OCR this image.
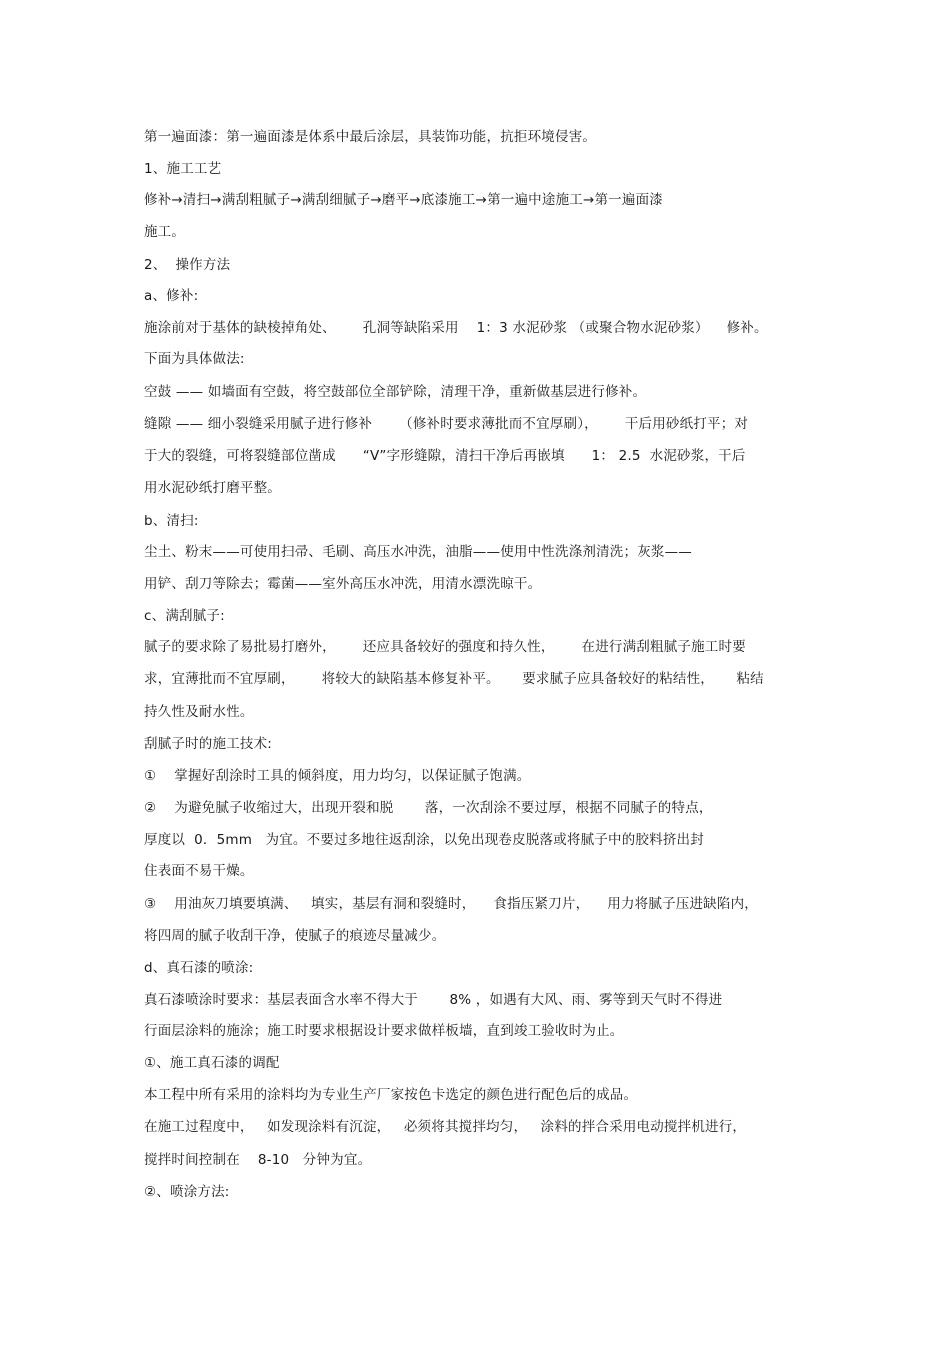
第一遍面漆：第一遍面漆是体系中最后涂层，具装饰功能，抗拒环境侵害。
1、施工工艺
修补→清扫→满刮粗腻子→满刮细腻子→磨平→底漆施工→第一遍中途施工→第一遍面漆
施工。
2、  操作方法
a、修补:
施涂前对于基体的缺棱掉角处、      孔洞等缺陷采用    1：3 水泥砂浆 （或聚合物水泥砂浆）    修补。
下面为具体做法:
空鼓 —— 如墙面有空鼓，将空鼓部位全部铲除，清理干净，重新做基层进行修补。
缝隙 —— 细小裂缝采用腻子进行修补      （修补时要求薄批而不宜厚刷），      干后用砂纸打平；对
于大的裂缝，可将裂缝部位凿成      “V”字形缝隙，清扫干净后再嵌填      1： 2.5  水泥砂浆，干后
用水泥砂纸打磨平整。
b、清扫:
尘土、粉末——可使用扫帚、毛刷、高压水冲洗，油脂——使用中性洗涤剂清洗；灰浆——
用铲、刮刀等除去；霉菌——室外高压水冲洗，用清水漂洗晾干。
c、满刮腻子:
腻子的要求除了易批易打磨外，      还应具备较好的强度和持久性，      在进行满刮粗腻子施工时要
求，宜薄批而不宜厚刷，      将较大的缺陷基本修复补平。     要求腻子应具备较好的粘结性，     粘结
持久性及耐水性。
刮腻子时的施工技术:
①    掌握好刮涂时工具的倾斜度，用力均匀，以保证腻子饱满。
②    为避免腻子收缩过大，出现开裂和脱       落，一次刮涂不要过厚，根据不同腻子的特点，
厚度以  0．5mm   为宜。不要过多地往返刮涂，以免出现卷皮脱落或将腻子中的胶料挤出封
住表面不易干燥。
③    用油灰刀填要填满、   填实，基层有洞和裂缝时，    食指压紧刀片，    用力将腻子压进缺陷内，
将四周的腻子收刮干净，使腻子的痕迹尽量减少。
d、真石漆的喷涂:
真石漆喷涂时要求：基层表面含水率不得大于       8% ，如遇有大风、雨、雾等到天气时不得进
行面层涂料的施涂；施工时要求根据设计要求做样板墙，直到竣工验收时为止。
①、施工真石漆的调配
本工程中所有采用的涂料均为专业生产厂家按色卡选定的颜色进行配色后的成品。
在施工过程度中，   如发现涂料有沉淀，   必须将其搅拌均匀，   涂料的拌合采用电动搅拌机进行，
搅拌时间控制在    8-10   分钟为宜。
②、喷涂方法:
